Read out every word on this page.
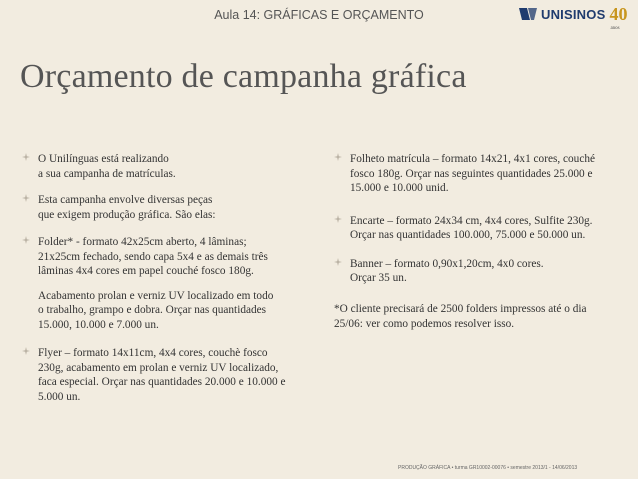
Aula 14: GRÁFICAS E ORÇAMENTO	UNISINOS 40
anos
Orçamento de campanha gráfica
O Unilínguas está realizando
a sua campanha de matrículas.
Esta campanha envolve diversas peças
que exigem produção gráfica. São elas:
Folder* - formato 42x25cm aberto, 4 lâminas;
21x25cm fechado, sendo capa 5x4 e as demais três
lâminas 4x4 cores em papel couché fosco 180g.
Acabamento prolan e verniz UV localizado em todo
o trabalho, grampo e dobra. Orçar nas quantidades
15.000, 10.000 e 7.000 un.
Flyer – formato 14x11cm, 4x4 cores, couchè fosco
230g, acabamento em prolan e verniz UV localizado,
faca especial. Orçar nas quantidades 20.000 e 10.000 e
5.000 un.
Folheto matrícula – formato 14x21, 4x1 cores, couché
fosco 180g. Orçar nas seguintes quantidades 25.000 e
15.000 e 10.000 unid.
Encarte – formato 24x34 cm, 4x4 cores, Sulfite 230g.
Orçar nas quantidades 100.000, 75.000 e 50.000 un.
Banner – formato 0,90x1,20cm, 4x0 cores.
Orçar 35 un.
*O cliente precisará de 2500 folders impressos até o dia
25/06: ver como podemos resolver isso.
PRODUÇÃO GRÁFICA • turma GR10002-00076 • semestre 2013/1 - 14/06/2013
